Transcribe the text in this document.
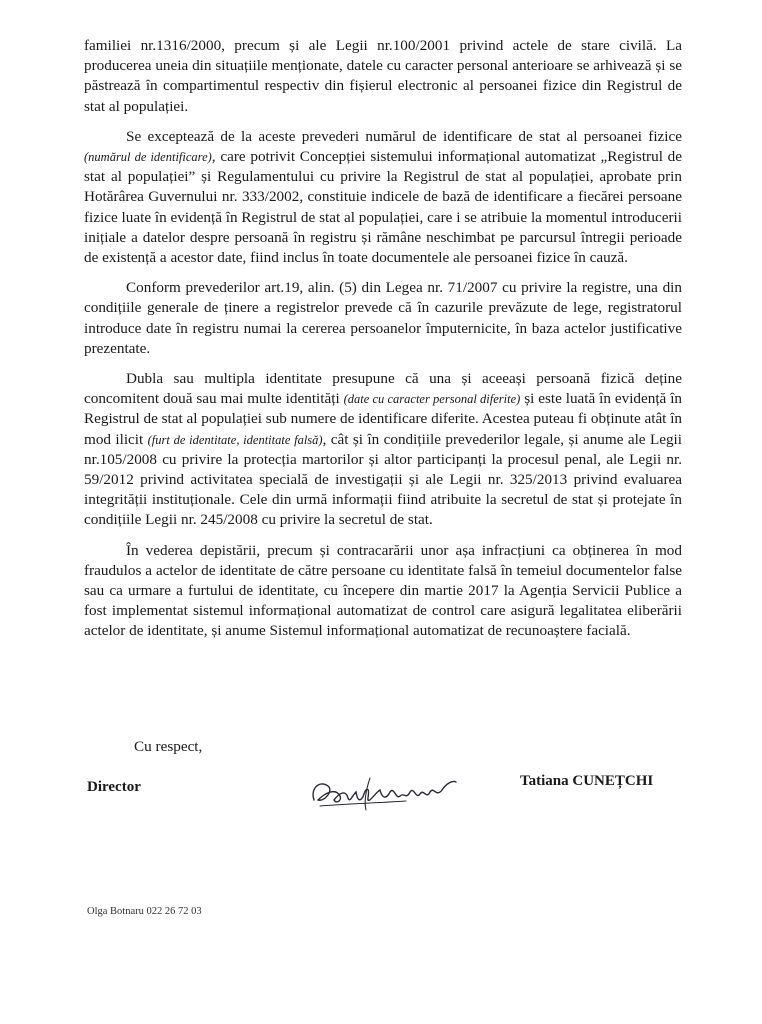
familiei nr.1316/2000, precum și ale Legii nr.100/2001 privind actele de stare civilă. La producerea uneia din situațiile menționate, datele cu caracter personal anterioare se arhivează și se păstrează în compartimentul respectiv din fișierul electronic al persoanei fizice din Registrul de stat al populației.

Se exceptează de la aceste prevederi numărul de identificare de stat al persoanei fizice (numărul de identificare), care potrivit Concepției sistemului informațional automatizat „Registrul de stat al populației” și Regulamentului cu privire la Registrul de stat al populației, aprobate prin Hotărârea Guvernului nr. 333/2002, constituie indicele de bază de identificare a fiecărei persoane fizice luate în evidență în Registrul de stat al populației, care i se atribuie la momentul introducerii inițiale a datelor despre persoană în registru și rămâne neschimbat pe parcursul întregii perioade de existență a acestor date, fiind inclus în toate documentele ale persoanei fizice în cauză.

Conform prevederilor art.19, alin. (5) din Legea nr. 71/2007 cu privire la registre, una din condițiile generale de ținere a registrelor prevede că în cazurile prevăzute de lege, registratorul introduce date în registru numai la cererea persoanelor împuternicite, în baza actelor justificative prezentate.

Dubla sau multipla identitate presupune că una și aceeași persoană fizică deține concomitent două sau mai multe identități (date cu caracter personal diferite) și este luată în evidență în Registrul de stat al populației sub numere de identificare diferite. Acestea puteau fi obținute atât în mod ilicit (furt de identitate, identitate falsă), cât și în condițiile prevederilor legale, și anume ale Legii nr.105/2008 cu privire la protecția martorilor și altor participanți la procesul penal, ale Legii nr. 59/2012 privind activitatea specială de investigații și ale Legii nr. 325/2013 privind evaluarea integrității instituționale. Cele din urmă informații fiind atribuite la secretul de stat și protejate în condițiile Legii nr. 245/2008 cu privire la secretul de stat.

În vederea depistării, precum și contracarării unor așa infracțiuni ca obținerea în mod fraudulos a actelor de identitate de către persoane cu identitate falsă în temeiul documentelor false sau ca urmare a furtului de identitate, cu începere din martie 2017 la Agenția Servicii Publice a fost implementat sistemul informațional automatizat de control care asigură legalitatea eliberării actelor de identitate, și anume Sistemul informațional automatizat de recunoaștere facială.

Cu respect,
Director	Tatiana CUNEȚCHI
Olga Botnaru 022 26 72 03
